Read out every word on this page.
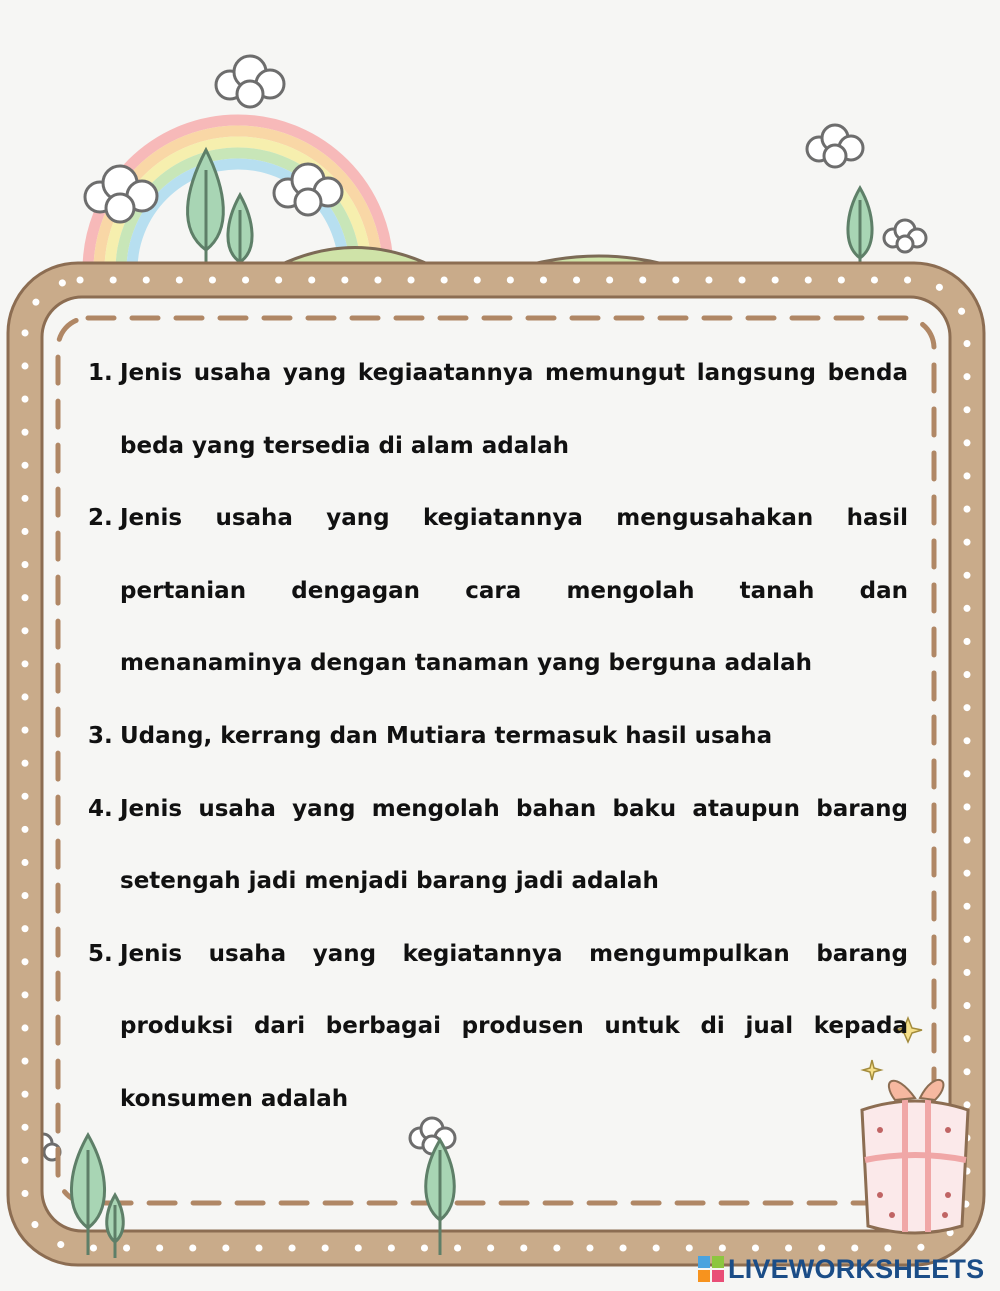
1. Jenis usaha yang kegiaatannya memungut langsung benda beda yang tersedia di alam adalah
2. Jenis usaha yang kegiatannya mengusahakan hasil pertanian dengagan cara mengolah tanah dan menanaminya dengan tanaman yang berguna adalah
3. Udang, kerrang dan Mutiara termasuk hasil usaha
4. Jenis usaha yang mengolah bahan baku ataupun barang setengah jadi menjadi barang jadi adalah
5. Jenis usaha yang kegiatannya mengumpulkan barang produksi dari berbagai produsen untuk di jual kepada konsumen adalah
LIVEWORKSHEETS
